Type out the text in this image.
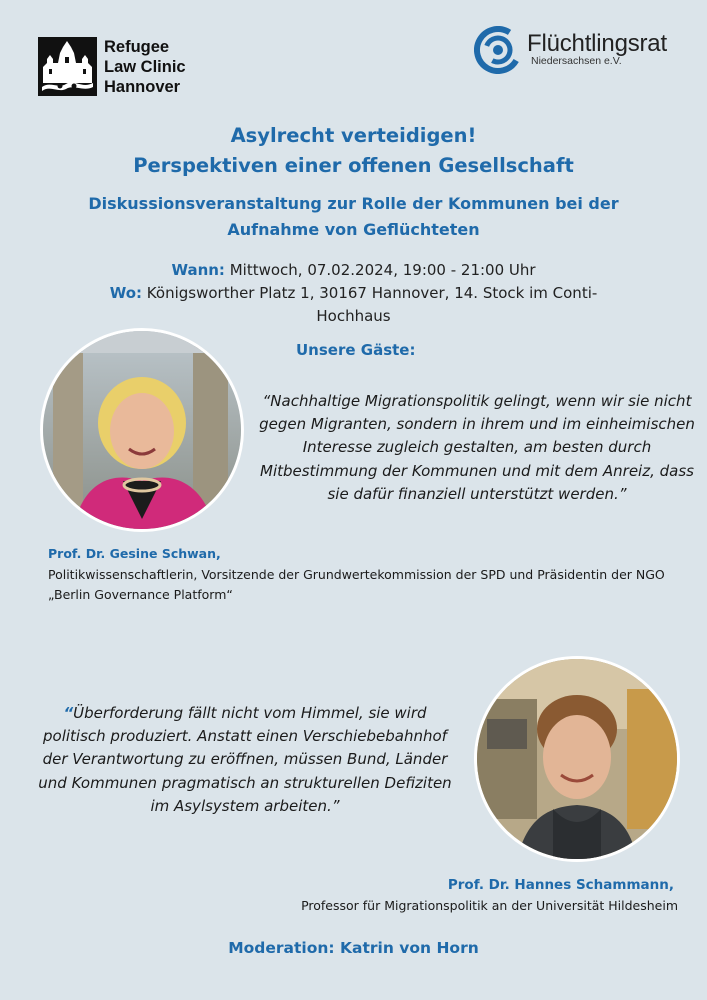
Refugee
Law Clinic
Hannover
Flüchtlingsrat
Niedersachsen e.V.
Asylrecht verteidigen!
Perspektiven einer offenen Gesellschaft
Diskussionsveranstaltung zur Rolle der Kommunen bei der
Aufnahme von Geflüchteten
Wann: Mittwoch, 07.02.2024, 19:00 - 21:00 Uhr
Wo: Königsworther Platz 1, 30167 Hannover, 14. Stock im Conti-
Hochhaus
Unsere Gäste:
“Nachhaltige Migrationspolitik gelingt, wenn wir sie nicht
gegen Migranten, sondern in ihrem und im einheimischen
Interesse zugleich gestalten, am besten durch
Mitbestimmung der Kommunen und mit dem Anreiz, dass
sie dafür finanziell unterstützt werden.”
Prof. Dr. Gesine Schwan,
Politikwissenschaftlerin, Vorsitzende der Grundwertekommission der SPD und Präsidentin der NGO „Berlin Governance Platform“
“Überforderung fällt nicht vom Himmel, sie wird
politisch produziert. Anstatt einen Verschiebebahnhof
der Verantwortung zu eröffnen, müssen Bund, Länder
und Kommunen pragmatisch an strukturellen Defiziten
im Asylsystem arbeiten.”
Prof. Dr. Hannes Schammann,
Professor für Migrationspolitik an der Universität Hildesheim
Moderation: Katrin von Horn
